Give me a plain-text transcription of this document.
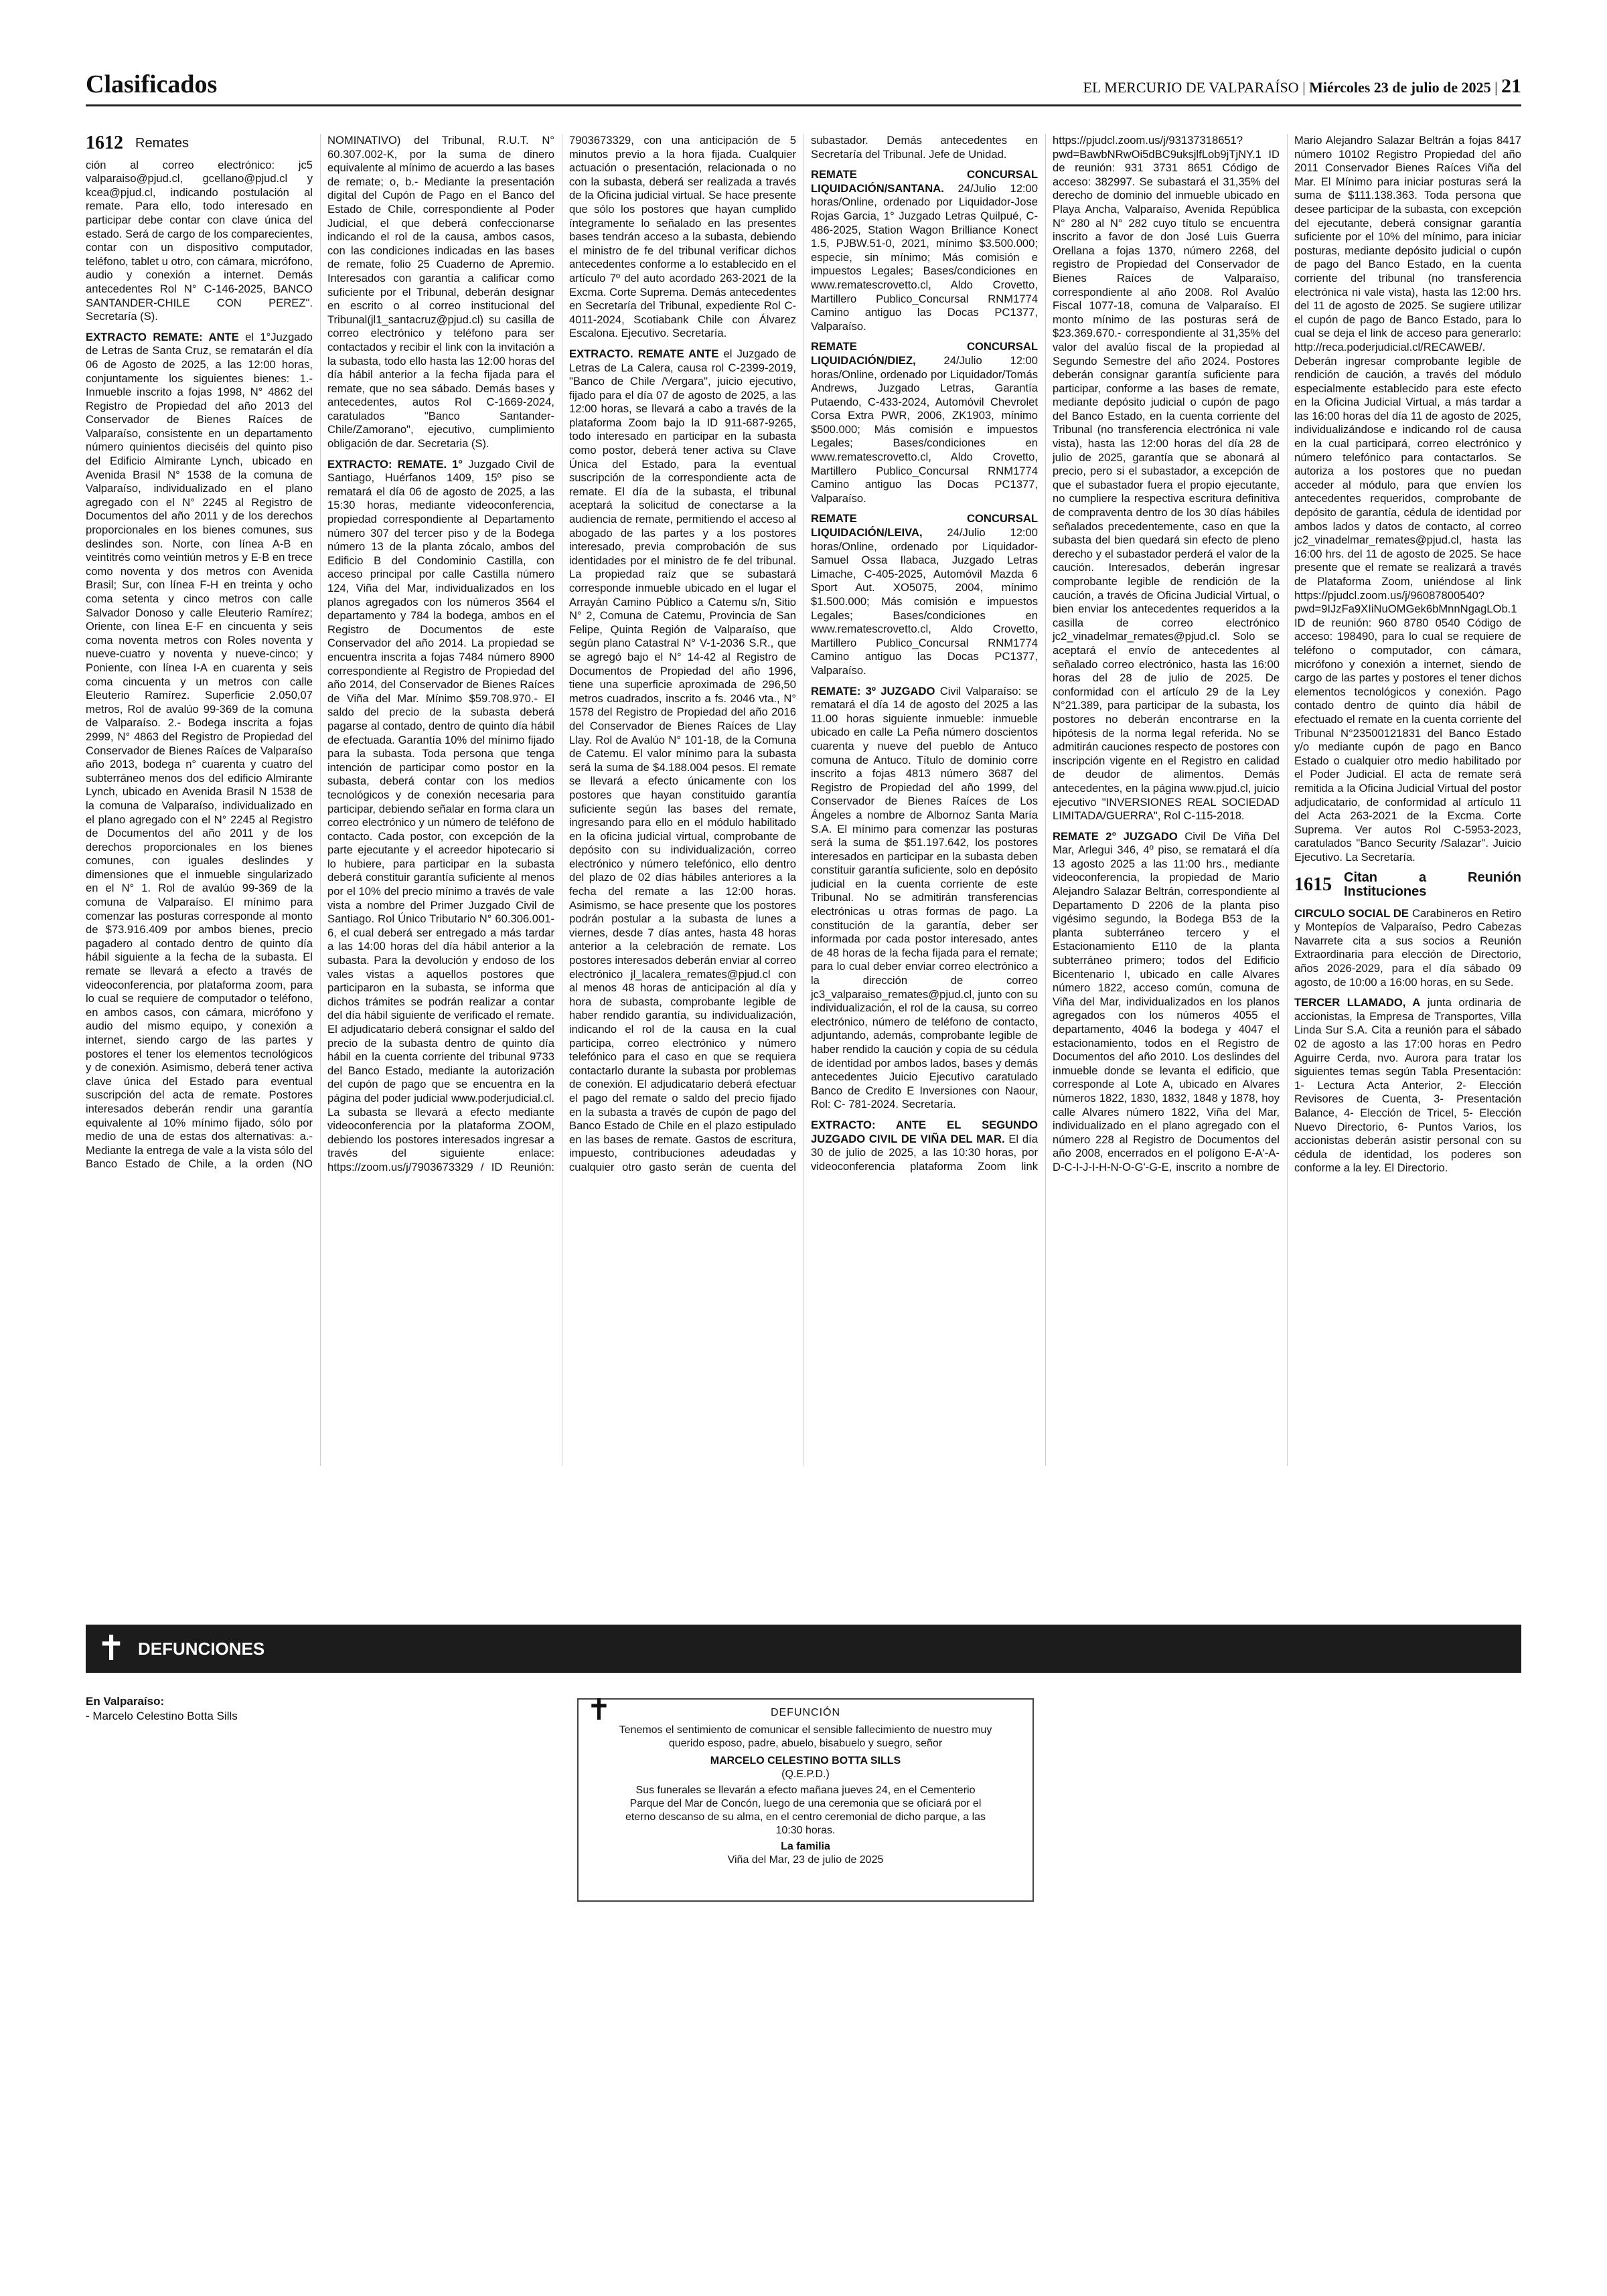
Clasificados	EL MERCURIO DE VALPARAÍSO | Miércoles 23 de julio de 2025 | 21
1612 Remates

ción al correo electrónico: jc5 valparaiso@pjud.cl, gcellano@pjud.cl y kcea@pjud.cl, indicando postulación al remate. Para ello, todo interesado en participar debe contar con clave única del estado. Será de cargo de los comparecientes, contar con un dispositivo computador, teléfono, tablet u otro, con cámara, micrófono, audio y conexión a internet. Demás antecedentes Rol N° C-146-2025, BANCO SANTANDER-CHILE CON PEREZ". Secretaría (S).

EXTRACTO REMATE: ANTE el 1°Juzgado de Letras de Santa Cruz, se rematarán el día 06 de Agosto de 2025, a las 12:00 horas, conjuntamente los siguientes bienes: 1.- Inmueble inscrito a fojas 1998, N° 4862 del Registro de Propiedad del año 2013 del Conservador de Bienes Raíces de Valparaíso, consistente en un departamento número quinientos dieciséis del quinto piso del Edificio Almirante Lynch, ubicado en Avenida Brasil N° 1538 de la comuna de Valparaíso, individualizado en el plano agregado con el N° 2245 al Registro de Documentos del año 2011 y de los derechos proporcionales en los bienes comunes, sus deslindes son. Norte, con línea A-B en veintitrés como veintiún metros y E-B en trece como noventa y dos metros con Avenida Brasil; Sur, con línea F-H en treinta y ocho coma setenta y cinco metros con calle Salvador Donoso y calle Eleuterio Ramírez; Oriente, con línea E-F en cincuenta y seis coma noventa metros con Roles noventa y nueve-cuatro y noventa y nueve-cinco; y Poniente, con línea I-A en cuarenta y seis coma cincuenta y un metros con calle Eleuterio Ramírez. Superficie 2.050,07 metros, Rol de avalúo 99-369 de la comuna de Valparaíso. 2.- Bodega inscrita a fojas 2999, N° 4863 del Registro de Propiedad del Conservador de Bienes Raíces de Valparaíso año 2013, bodega n° cuarenta y cuatro del subterráneo menos dos del edificio Almirante Lynch, ubicado en Avenida Brasil N 1538 de la comuna de Valparaíso, individualizado en el plano agregado con el N° 2245 al Registro de Documentos del año 2011 y de los derechos proporcionales en los bienes comunes, con iguales deslindes y dimensiones que el inmueble singularizado en el N° 1. Rol de avalúo 99-369 de la comuna de Valparaíso. El mínimo para comenzar las posturas corresponde al monto de $73.916.409 por ambos bienes, precio pagadero al contado dentro de quinto día hábil siguiente a la fecha de la subasta. El remate se llevará a efecto a través de videoconferencia, por plataforma zoom, para lo cual se requiere de computador o teléfono, en ambos casos, con cámara, micrófono y audio del mismo equipo, y conexión a internet, siendo cargo de las partes y postores el tener los elementos tecnológicos y de conexión. Asimismo, deberá tener activa clave única del Estado para eventual suscripción del acta de remate. Postores interesados deberán rendir una garantía equivalente al 10% mínimo fijado, sólo por medio de una de estas dos alternativas: a.- Mediante la entrega de vale a la vista sólo del Banco Estado de Chile, a la orden (NO NOMINATIVO) del Tribunal, R.U.T. N° 60.307.002-K, por la suma de dinero equivalente al mínimo de acuerdo a las bases de remate; o, b.- Mediante la presentación digital del Cupón de Pago en el Banco del Estado de Chile, correspondiente al Poder Judicial, el que deberá confeccionarse indicando el rol de la causa, ambos casos, con las condiciones indicadas en las bases de remate, folio 25 Cuaderno de Apremio. Interesados con garantía a calificar como suficiente por el Tribunal, deberán designar en escrito o al correo institucional del Tribunal(jl1_santacruz@pjud.cl) su casilla de correo electrónico y teléfono para ser contactados y recibir el link con la invitación a la subasta, todo ello hasta las 12:00 horas del día hábil anterior a la fecha fijada para el remate, que no sea sábado. Demás bases y antecedentes, autos Rol C-1669-2024, caratulados "Banco Santander-Chile/Zamorano", ejecutivo, cumplimiento obligación de dar. Secretaria (S).

EXTRACTO: REMATE. 1° Juzgado Civil de Santiago, Huérfanos 1409, 15º piso se rematará el día 06 de agosto de 2025, a las 15:30 horas, mediante videoconferencia, propiedad correspondiente al Departamento número 307 del tercer piso y de la Bodega número 13 de la planta zócalo, ambos del Edificio B del Condominio Castilla, con acceso principal por calle Castilla número 124, Viña del Mar, individualizados en los planos agregados con los números 3564 el departamento y 784 la bodega, ambos en el Registro de Documentos de este Conservador del año 2014. La propiedad se encuentra inscrita a fojas 7484 número 8900 correspondiente al Registro de Propiedad del año 2014, del Conservador de Bienes Raíces de Viña del Mar. Mínimo $59.708.970.- El saldo del precio de la subasta deberá pagarse al contado, dentro de quinto día hábil de efectuada. Garantía 10% del mínimo fijado para la subasta. Toda persona que tenga intención de participar como postor en la subasta, deberá contar con los medios tecnológicos y de conexión necesaria para participar, debiendo señalar en forma clara un correo electrónico y un número de teléfono de contacto. Cada postor, con excepción de la parte ejecutante y el acreedor hipotecario si lo hubiere, para participar en la subasta deberá constituir garantía suficiente al menos por el 10% del precio mínimo a través de vale vista a nombre del Primer Juzgado Civil de Santiago. Rol Único Tributario N° 60.306.001-6, el cual deberá ser entregado a más tardar a las 14:00 horas del día hábil anterior a la subasta. Para la devolución y endoso de los vales vistas a aquellos postores que participaron en la subasta, se informa que dichos trámites se podrán realizar a contar del día hábil siguiente de verificado el remate. El adjudicatario deberá consignar el saldo del precio de la subasta dentro de quinto día hábil en la cuenta corriente del tribunal 9733 del Banco Estado, mediante la autorización del cupón de pago que se encuentra en la página del poder judicial www.poderjudicial.cl. La subasta se llevará a efecto mediante videoconferencia por la plataforma ZOOM, debiendo los postores interesados ingresar a través del siguiente enlace: https://zoom.us/j/7903673329 / ID Reunión: 7903673329, con una anticipación de 5 minutos previo a la hora fijada. Cualquier actuación o presentación, relacionada o no con la subasta, deberá ser realizada a través de la Oficina judicial virtual. Se hace presente que sólo los postores que hayan cumplido íntegramente lo señalado en las presentes bases tendrán acceso a la subasta, debiendo el ministro de fe del tribunal verificar dichos antecedentes conforme a lo establecido en el artículo 7º del auto acordado 263-2021 de la Excma. Corte Suprema. Demás antecedentes en Secretaría del Tribunal, expediente Rol C-4011-2024, Scotiabank Chile con Álvarez Escalona. Ejecutivo. Secretaría.

EXTRACTO. REMATE ANTE el Juzgado de Letras de La Calera, causa rol C-2399-2019, "Banco de Chile /Vergara", juicio ejecutivo, fijado para el día 07 de agosto de 2025, a las 12:00 horas, se llevará a cabo a través de la plataforma Zoom bajo la ID 911-687-9265, todo interesado en participar en la subasta como postor, deberá tener activa su Clave Única del Estado, para la eventual suscripción de la correspondiente acta de remate. El día de la subasta, el tribunal aceptará la solicitud de conectarse a la audiencia de remate, permitiendo el acceso al abogado de las partes y a los postores interesado, previa comprobación de sus identidades por el ministro de fe del tribunal. La propiedad raíz que se subastará corresponde inmueble ubicado en el lugar el Arrayán Camino Público a Catemu s/n, Sitio N° 2, Comuna de Catemu, Provincia de San Felipe, Quinta Región de Valparaíso, que según plano Catastral N° V-1-2036 S.R., que se agregó bajo el N° 14-42 al Registro de Documentos de Propiedad del año 1996, tiene una superficie aproximada de 296,50 metros cuadrados, inscrito a fs. 2046 vta., N° 1578 del Registro de Propiedad del año 2016 del Conservador de Bienes Raíces de Llay Llay. Rol de Avalúo N° 101-18, de la Comuna de Catemu. El valor mínimo para la subasta será la suma de $4.188.004 pesos. El remate se llevará a efecto únicamente con los postores que hayan constituido garantía suficiente según las bases del remate, ingresando para ello en el módulo habilitado en la oficina judicial virtual, comprobante de depósito con su individualización, correo electrónico y número telefónico, ello dentro del plazo de 02 días hábiles anteriores a la fecha del remate a las 12:00 horas. Asimismo, se hace presente que los postores podrán postular a la subasta de lunes a viernes, desde 7 días antes, hasta 48 horas anterior a la celebración de remate. Los postores interesados deberán enviar al correo electrónico jl_lacalera_remates@pjud.cl con al menos 48 horas de anticipación al día y hora de subasta, comprobante legible de haber rendido garantía, su individualización, indicando el rol de la causa en la cual participa, correo electrónico y número telefónico para el caso en que se requiera contactarlo durante la subasta por problemas de conexión. El adjudicatario deberá efectuar el pago del remate o saldo del precio fijado en la subasta a través de cupón de pago del Banco Estado de Chile en el plazo estipulado en las bases de remate. Gastos de escritura, impuesto, contribuciones adeudadas y cualquier otro gasto serán de cuenta del subastador. Demás antecedentes en Secretaría del Tribunal. Jefe de Unidad.

REMATE CONCURSAL LIQUIDACIÓN/SANTANA. 24/Julio 12:00 horas/Online, ordenado por Liquidador-Jose Rojas Garcia, 1° Juzgado Letras Quilpué, C-486-2025, Station Wagon Brilliance Konect 1.5, PJBW.51-0, 2021, mínimo $3.500.000; especie, sin mínimo; Más comisión e impuestos Legales; Bases/condiciones en www.rematescrovetto.cl, Aldo Crovetto, Martillero Publico_Concursal RNM1774 Camino antiguo las Docas PC1377, Valparaíso.

REMATE CONCURSAL LIQUIDACIÓN/DIEZ,	24/Julio 12:00 horas/Online, ordenado por Liquidador/Tomás Andrews, Juzgado Letras, Garantía Putaendo, C-433-2024, Automóvil Chevrolet Corsa Extra PWR, 2006, ZK1903, mínimo $500.000; Más comisión e impuestos Legales; Bases/condiciones en www.rematescrovetto.cl, Aldo Crovetto, Martillero Publico_Concursal RNM1774 Camino antiguo las Docas PC1377, Valparaíso.

REMATE CONCURSAL LIQUIDACIÓN/LEIVA, 24/Julio 12:00 horas/Online, ordenado por Liquidador-Samuel Ossa Ilabaca, Juzgado Letras Limache, C-405-2025, Automóvil Mazda 6 Sport Aut. XO5075, 2004, mínimo $1.500.000; Más comisión e impuestos Legales; Bases/condiciones en www.rematescrovetto.cl, Aldo Crovetto, Martillero Publico_Concursal RNM1774 Camino antiguo las Docas PC1377, Valparaíso.

REMATE: 3º JUZGADO Civil Valparaíso: se rematará el día 14 de agosto del 2025 a las 11.00 horas siguiente inmueble: inmueble ubicado en calle La Peña número doscientos cuarenta y nueve del pueblo de Antuco comuna de Antuco. Título de dominio corre inscrito a fojas 4813 número 3687 del Registro de Propiedad del año 1999, del Conservador de Bienes Raíces de Los Ángeles a nombre de Albornoz Santa María S.A. El mínimo para comenzar las posturas será la suma de $51.197.642, los postores interesados en participar en la subasta deben constituir garantía suficiente, solo en depósito judicial en la cuenta corriente de este Tribunal. No se admitirán transferencias electrónicas u otras formas de pago. La constitución de la garantía, deber ser informada por cada postor interesado, antes de 48 horas de la fecha fijada para el remate; para lo cual deber enviar correo electrónico a la dirección de correo jc3_valparaiso_remates@pjud.cl, junto con su individualización, el rol de la causa, su correo electrónico, número de teléfono de contacto, adjuntando, además, comprobante legible de haber rendido la caución y copia de su cédula de identidad por ambos lados, bases y demás antecedentes Juicio Ejecutivo caratulado Banco de Credito E Inversiones con Naour, Rol: C- 781-2024. Secretaría.

EXTRACTO: ANTE EL SEGUNDO JUZGADO CIVIL DE VIÑA DEL MAR. El día 30 de julio de 2025, a las 10:30 horas, por videoconferencia plataforma Zoom link https://pjudcl.zoom.us/j/93137318651?pwd=BawbNRwOi5dBC9uksjlfLob9jTjNY.1 ID de reunión: 931 3731 8651 Código de acceso: 382997. Se subastará el 31,35% del derecho de dominio del inmueble ubicado en Playa Ancha, Valparaíso, Avenida República N° 280 al N° 282 cuyo título se encuentra inscrito a favor de don José Luis Guerra Orellana a fojas 1370, número 2268, del registro de Propiedad del Conservador de Bienes Raíces de Valparaíso, correspondiente al año 2008. Rol Avalúo Fiscal 1077-18, comuna de Valparaíso. El monto mínimo de las posturas será de $23.369.670.- correspondiente al 31,35% del valor del avalúo fiscal de la propiedad al Segundo Semestre del año 2024. Postores deberán consignar garantía suficiente para participar, conforme a las bases de remate, mediante depósito judicial o cupón de pago del Banco Estado, en la cuenta corriente del Tribunal (no transferencia electrónica ni vale vista), hasta las 12:00 horas del día 28 de julio de 2025, garantía que se abonará al precio, pero si el subastador, a excepción de que el subastador fuera el propio ejecutante, no cumpliere la respectiva escritura definitiva de compraventa dentro de los 30 días hábiles señalados precedentemente, caso en que la subasta del bien quedará sin efecto de pleno derecho y el subastador perderá el valor de la caución. Interesados, deberán ingresar comprobante legible de rendición de la caución, a través de Oficina Judicial Virtual, o bien enviar los antecedentes requeridos a la casilla de correo electrónico jc2_vinadelmar_remates@pjud.cl. Solo se aceptará el envío de antecedentes al señalado correo electrónico, hasta las 16:00 horas del 28 de julio de 2025. De conformidad con el artículo 29 de la Ley N°21.389, para participar de la subasta, los postores no deberán encontrarse en la hipótesis de la norma legal referida. No se admitirán cauciones respecto de postores con inscripción vigente en el Registro en calidad de deudor de alimentos. Demás antecedentes, en la página www.pjud.cl, juicio ejecutivo "INVERSIONES REAL SOCIEDAD LIMITADA/GUERRA", Rol C-115-2018.

REMATE 2° JUZGADO Civil De Viña Del Mar, Arlegui 346, 4º piso, se rematará el día 13 agosto 2025 a las 11:00 hrs., mediante videoconferencia, la propiedad de Mario Alejandro Salazar Beltrán, correspondiente al Departamento D 2206 de la planta piso vigésimo segundo, la Bodega B53 de la planta subterráneo tercero y el Estacionamiento E110 de la planta subterráneo primero; todos del Edificio Bicentenario I, ubicado en calle Alvares número 1822, acceso común, comuna de Viña del Mar, individualizados en los planos agregados con los números 4055 el departamento, 4046 la bodega y 4047 el estacionamiento, todos en el Registro de Documentos del año 2010. Los deslindes del inmueble donde se levanta el edificio, que corresponde al Lote A, ubicado en Alvares números 1822, 1830, 1832, 1848 y 1878, hoy calle Alvares número 1822, Viña del Mar, individualizado en el plano agregado con el número 228 al Registro de Documentos del año 2008, encerrados en el polígono E-A'-A-D-C-I-J-I-H-N-O-G'-G-E, inscrito a nombre de Mario Alejandro Salazar Beltrán a fojas 8417 número 10102 Registro Propiedad del año 2011 Conservador Bienes Raíces Viña del Mar. El Mínimo para iniciar posturas será la suma de $111.138.363. Toda persona que desee participar de la subasta, con excepción del ejecutante, deberá consignar garantía suficiente por el 10% del mínimo, para iniciar posturas, mediante depósito judicial o cupón de pago del Banco Estado, en la cuenta corriente del tribunal (no transferencia electrónica ni vale vista), hasta las 12:00 hrs. del 11 de agosto de 2025. Se sugiere utilizar el cupón de pago de Banco Estado, para lo cual se deja el link de acceso para generarlo: http://reca.poderjudicial.cl/RECAWEB/. Deberán ingresar comprobante legible de rendición de caución, a través del módulo especialmente establecido para este efecto en la Oficina Judicial Virtual, a más tardar a las 16:00 horas del día 11 de agosto de 2025, individualizándose e indicando rol de causa en la cual participará, correo electrónico y número telefónico para contactarlos. Se autoriza a los postores que no puedan acceder al módulo, para que envíen los antecedentes requeridos, comprobante de depósito de garantía, cédula de identidad por ambos lados y datos de contacto, al correo jc2_vinadelmar_remates@pjud.cl, hasta las 16:00 hrs. del 11 de agosto de 2025. Se hace presente que el remate se realizará a través de Plataforma Zoom, uniéndose al link https://pjudcl.zoom.us/j/96087800540?pwd=9IJzFa9XIiNuOMGek6bMnnNgagLOb.1 ID de reunión: 960 8780 0540 Código de acceso: 198490, para lo cual se requiere de teléfono o computador, con cámara, micrófono y conexión a internet, siendo de cargo de las partes y postores el tener dichos elementos tecnológicos y conexión. Pago contado dentro de quinto día hábil de efectuado el remate en la cuenta corriente del Tribunal N°23500121831 del Banco Estado y/o mediante cupón de pago en Banco Estado o cualquier otro medio habilitado por el Poder Judicial. El acta de remate será remitida a la Oficina Judicial Virtual del postor adjudicatario, de conformidad al artículo 11 del Acta 263-2021 de la Excma. Corte Suprema. Ver autos Rol C-5953-2023, caratulados "Banco Security /Salazar". Juicio Ejecutivo. La Secretaría.

1615 Citan a Reunión Instituciones

CIRCULO SOCIAL DE Carabineros en Retiro y Montepíos de Valparaíso, Pedro Cabezas Navarrete cita a sus socios a Reunión Extraordinaria para elección de Directorio, años 2026-2029, para el día sábado 09 agosto, de 10:00 a 16:00 horas, en su Sede.

TERCER LLAMADO, A junta ordinaria de accionistas, la Empresa de Transportes, Villa Linda Sur S.A. Cita a reunión para el sábado 02 de agosto a las 17:00 horas en Pedro Aguirre Cerda, nvo. Aurora para tratar los siguientes temas según Tabla Presentación: 1- Lectura Acta Anterior, 2- Elección Revisores de Cuenta, 3- Presentación Balance, 4- Elección de Tricel, 5- Elección Nuevo Directorio, 6- Puntos Varios, los accionistas deberán asistir personal con su cédula de identidad, los poderes son conforme a la ley. El Directorio.

✝ DEFUNCIONES
En Valparaíso:
- Marcelo Celestino Botta Sills	✝	DEFUNCIÓN
Tenemos el sentimiento de comunicar el sensible fallecimiento de nuestro muy querido esposo, padre, abuelo, bisabuelo y suegro, señor
MARCELO CELESTINO BOTTA SILLS
(Q.E.P.D.)
Sus funerales se llevarán a efecto mañana jueves 24, en el Cementerio Parque del Mar de Concón, luego de una ceremonia que se oficiará por el eterno descanso de su alma, en el centro ceremonial de dicho parque, a las 10:30 horas.
La familia
Viña del Mar, 23 de julio de 2025
